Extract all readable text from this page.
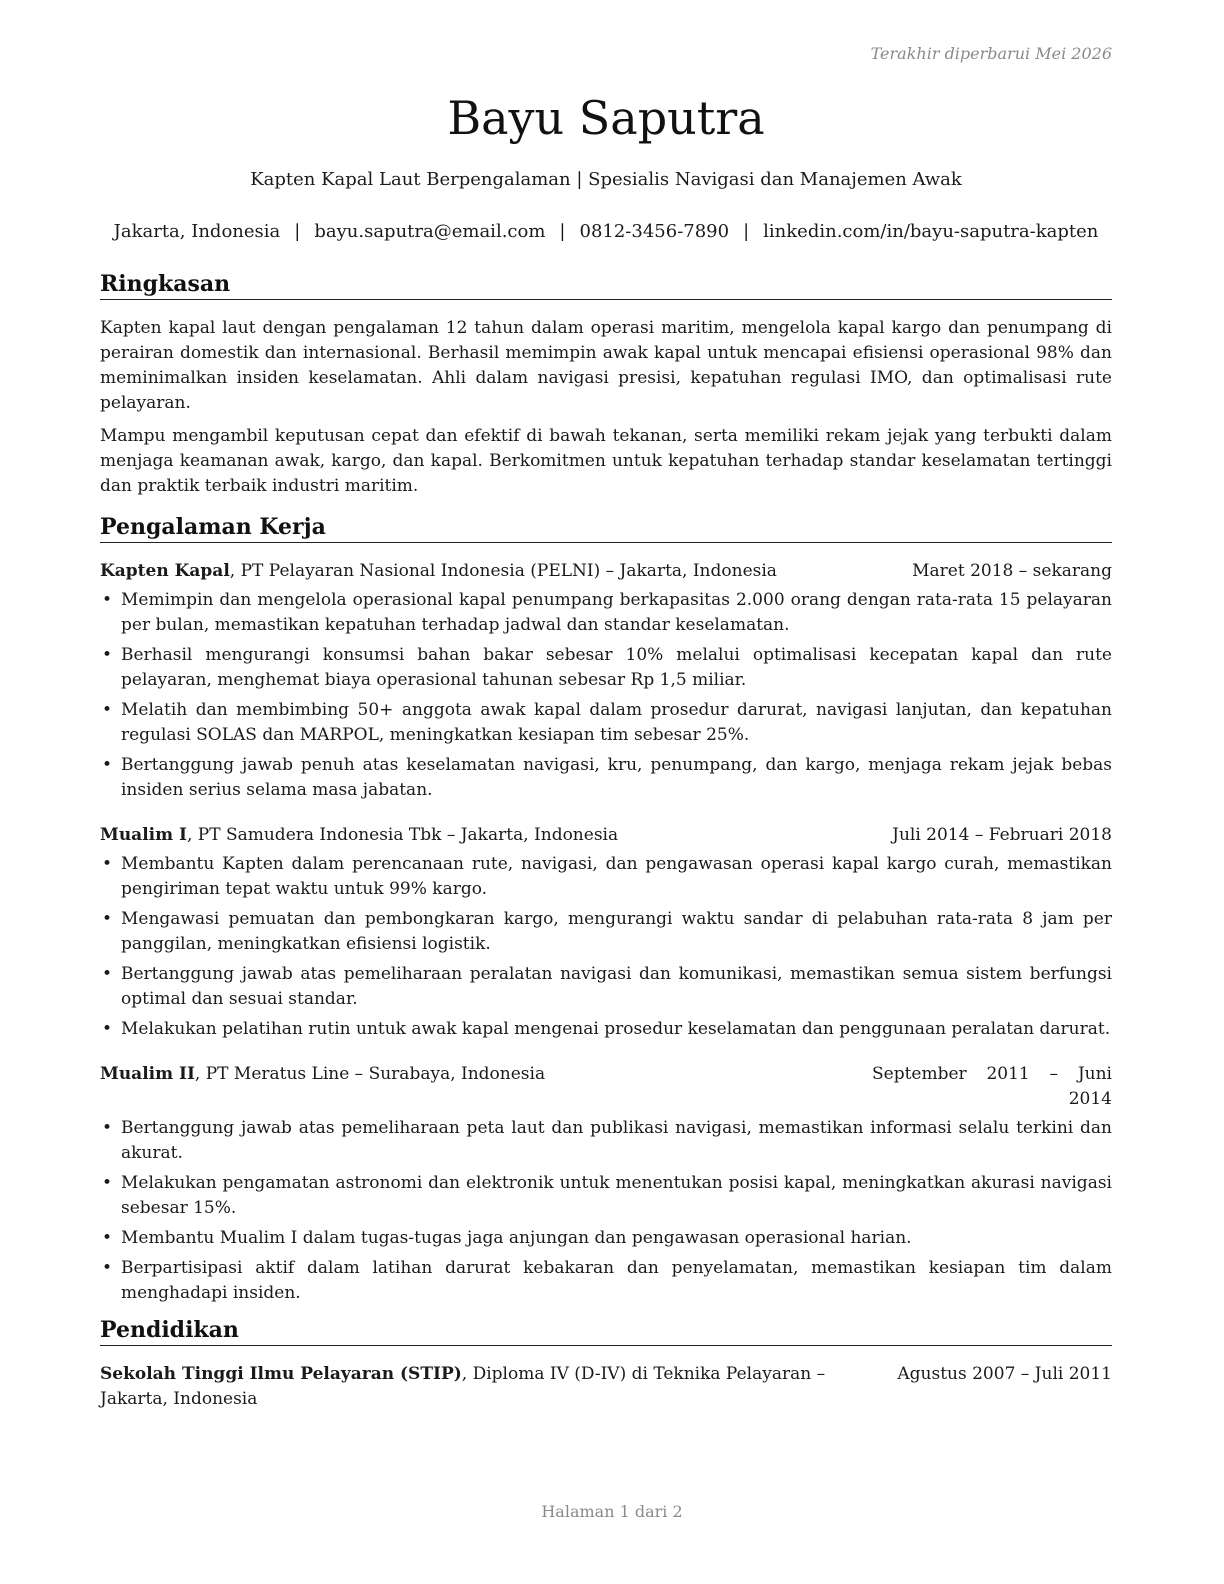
Terakhir diperbarui Mei 2026
Bayu Saputra
Kapten Kapal Laut Berpengalaman | Spesialis Navigasi dan Manajemen Awak
Jakarta, Indonesia | bayu.saputra@email.com | 0812-3456-7890 | linkedin.com/in/bayu-saputra-kapten
Ringkasan

Kapten kapal laut dengan pengalaman 12 tahun dalam operasi maritim, mengelola kapal kargo dan penumpang di perairan domestik dan internasional. Berhasil memimpin awak kapal untuk mencapai efisiensi operasional 98% dan meminimalkan insiden keselamatan. Ahli dalam navigasi presisi, kepatuhan regulasi IMO, dan optimalisasi rute pelayaran.

Mampu mengambil keputusan cepat dan efektif di bawah tekanan, serta memiliki rekam jejak yang terbukti dalam menjaga keamanan awak, kargo, dan kapal. Berkomitmen untuk kepatuhan terhadap standar keselamatan tertinggi dan praktik terbaik industri maritim.

Pengalaman Kerja
Kapten Kapal, PT Pelayaran Nasional Indonesia (PELNI) – Jakarta, Indonesia	Maret 2018 – sekarang
• Memimpin dan mengelola operasional kapal penumpang berkapasitas 2.000 orang dengan rata-rata 15 pelayaran per bulan, memastikan kepatuhan terhadap jadwal dan standar keselamatan.
• Berhasil mengurangi konsumsi bahan bakar sebesar 10% melalui optimalisasi kecepatan kapal dan rute pelayaran, menghemat biaya operasional tahunan sebesar Rp 1,5 miliar.
• Melatih dan membimbing 50+ anggota awak kapal dalam prosedur darurat, navigasi lanjutan, dan kepatuhan regulasi SOLAS dan MARPOL, meningkatkan kesiapan tim sebesar 25%.
• Bertanggung jawab penuh atas keselamatan navigasi, kru, penumpang, dan kargo, menjaga rekam jejak bebas insiden serius selama masa jabatan.
Mualim I, PT Samudera Indonesia Tbk – Jakarta, Indonesia	Juli 2014 – Februari 2018
• Membantu Kapten dalam perencanaan rute, navigasi, dan pengawasan operasi kapal kargo curah, memastikan pengiriman tepat waktu untuk 99% kargo.
• Mengawasi pemuatan dan pembongkaran kargo, mengurangi waktu sandar di pelabuhan rata-rata 8 jam per panggilan, meningkatkan efisiensi logistik.
• Bertanggung jawab atas pemeliharaan peralatan navigasi dan komunikasi, memastikan semua sistem berfungsi optimal dan sesuai standar.
• Melakukan pelatihan rutin untuk awak kapal mengenai prosedur keselamatan dan penggunaan peralatan darurat.
Mualim II, PT Meratus Line – Surabaya, Indonesia	September 2011 – Juni 2014
• Bertanggung jawab atas pemeliharaan peta laut dan publikasi navigasi, memastikan informasi selalu terkini dan akurat.
• Melakukan pengamatan astronomi dan elektronik untuk menentukan posisi kapal, meningkatkan akurasi navigasi sebesar 15%.
• Membantu Mualim I dalam tugas-tugas jaga anjungan dan pengawasan operasional harian.
• Berpartisipasi aktif dalam latihan darurat kebakaran dan penyelamatan, memastikan kesiapan tim dalam menghadapi insiden.
Pendidikan
Sekolah Tinggi Ilmu Pelayaran (STIP), Diploma IV (D-IV) di Teknika Pelayaran – Jakarta, Indonesia
Agustus 2007 – Juli 2011
Halaman 1 dari 2
